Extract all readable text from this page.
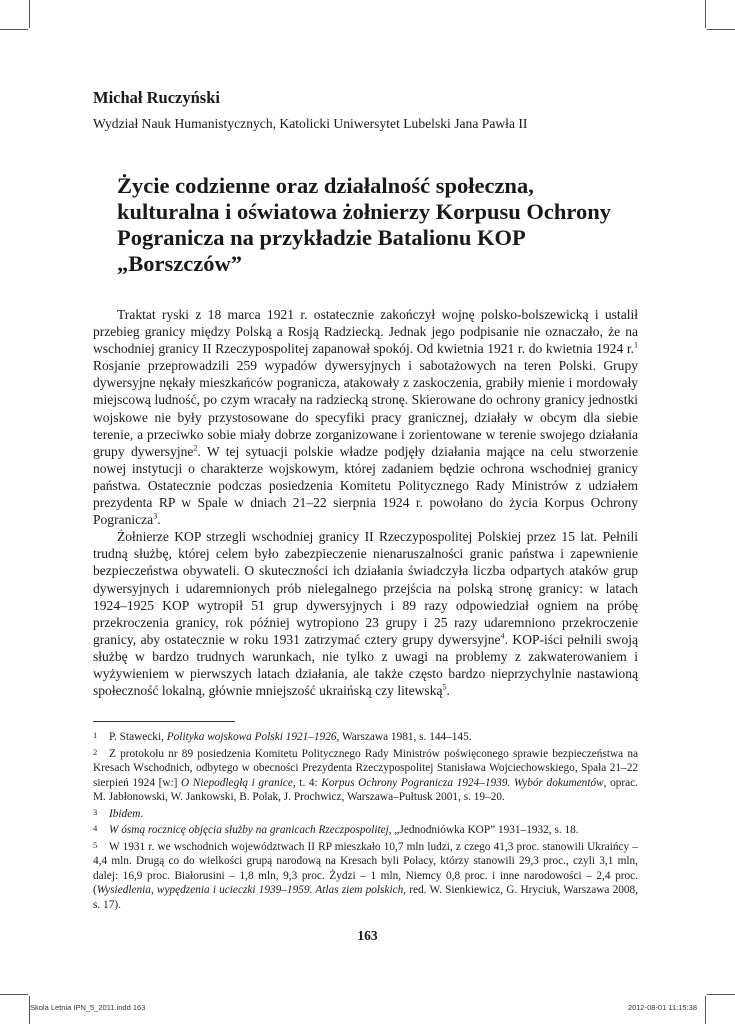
Michał Ruczyński

Wydział Nauk Humanistycznych, Katolicki Uniwersytet Lubelski Jana Pawła II

Życie codzienne oraz działalność społeczna, kulturalna i oświatowa żołnierzy Korpusu Ochrony Pogranicza na przykładzie Batalionu KOP „Borszczów”

Traktat ryski z 18 marca 1921 r. ostatecznie zakończył wojnę polsko-bolszewicką i ustalił przebieg granicy między Polską a Rosją Radziecką. Jednak jego podpisanie nie oznaczało, że na wschodniej granicy II Rzeczypospolitej zapanował spokój. Od kwietnia 1921 r. do kwietnia 1924 r.$^1$ Rosjanie przeprowadzili 259 wypadów dywersyjnych i sabotażowych na teren Polski. Grupy dywersyjne nękały mieszkańców pogranicza, atakowały z zaskoczenia, grabiły mienie i mordowały miejscową ludność, po czym wracały na radziecką stronę. Skierowane do ochrony granicy jednostki wojskowe nie były przystosowane do specyfiki pracy granicznej, działały w obcym dla siebie terenie, a przeciwko sobie miały dobrze zorganizowane i zorientowane w terenie swojego działania grupy dywersyjne$^2$. W tej sytuacji polskie władze podjęły działania mające na celu stworzenie nowej instytucji o charakterze wojskowym, której zadaniem będzie ochrona wschodniej granicy państwa. Ostatecznie podczas posiedzenia Komitetu Politycznego Rady Ministrów z udziałem prezydenta RP w Spale w dniach 21–22 sierpnia 1924 r. powołano do życia Korpus Ochrony Pogranicza$^3$.

Żołnierze KOP strzegli wschodniej granicy II Rzeczypospolitej Polskiej przez 15 lat. Pełnili trudną służbę, której celem było zabezpieczenie nienaruszalności granic państwa i zapewnienie bezpieczeństwa obywateli. O skuteczności ich działania świadczyła liczba odpartych ataków grup dywersyjnych i udaremnionych prób nielegalnego przejścia na polską stronę granicy: w latach 1924–1925 KOP wytropił 51 grup dywersyjnych i 89 razy odpowiedział ogniem na próbę przekroczenia granicy, rok później wytropiono 23 grupy i 25 razy udaremniono przekroczenie granicy, aby ostatecznie w roku 1931 zatrzymać cztery grupy dywersyjne$^4$. KOP-iści pełnili swoją służbę w bardzo trudnych warunkach, nie tylko z uwagi na problemy z zakwaterowaniem i wyżywieniem w pierwszych latach działania, ale także często bardzo nieprzychylnie nastawioną społeczność lokalną, głównie mniejszość ukraińską czy litewską$^5$.

1 P. Stawecki, Polityka wojskowa Polski 1921–1926, Warszawa 1981, s. 144–145.

2 Z protokołu nr 89 posiedzenia Komitetu Politycznego Rady Ministrów poświęconego sprawie bezpieczeństwa na Kresach Wschodnich, odbytego w obecności Prezydenta Rzeczypospolitej Stanisława Wojciechowskiego, Spała 21–22 sierpień 1924 [w:] O Niepodległą i granice, t. 4: Korpus Ochrony Pogranicza 1924–1939. Wybór dokumentów, oprac. M. Jabłonowski, W. Jankowski, B. Polak, J. Prochwicz, Warszawa–Pułtusk 2001, s. 19–20.

3 Ibidem.

4 W ósmą rocznicę objęcia służby na granicach Rzeczpospolitej, „Jednodniówka KOP” 1931–1932, s. 18.

5 W 1931 r. we wschodnich województwach II RP mieszkało 10,7 mln ludzi, z czego 41,3 proc. stanowili Ukraińcy – 4,4 mln. Drugą co do wielkości grupą narodową na Kresach byli Polacy, którzy stanowili 29,3 proc., czyli 3,1 mln, dalej: 16,9 proc. Białorusini – 1,8 mln, 9,3 proc. Żydzi – 1 mln, Niemcy 0,8 proc. i inne narodowości – 2,4 proc. (Wysiedlenia, wypędzenia i ucieczki 1939–1959. Atlas ziem polskich, red. W. Sienkiewicz, G. Hryciuk, Warszawa 2008, s. 17).

163
Skola Letnia IPN_5_2011.indd 163	2012-08-01 11:15:38
